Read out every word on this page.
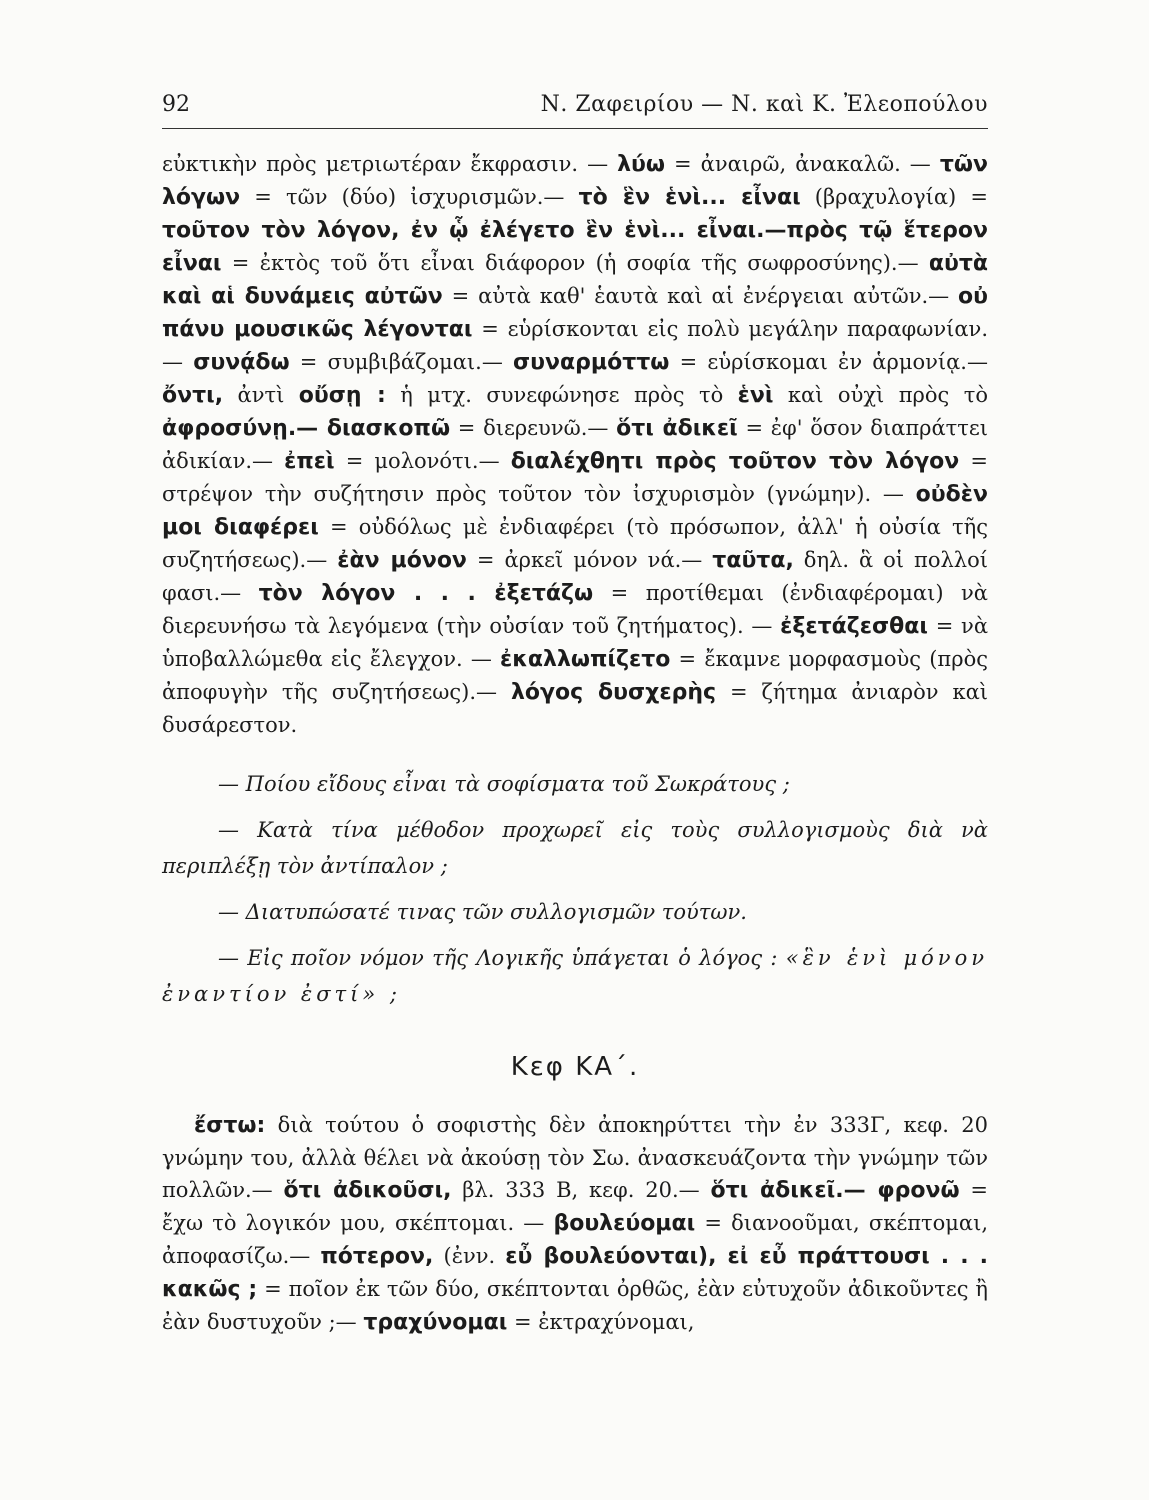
92	Ν. Ζαφειρίου — Ν. καὶ Κ. Ἐλεοπούλου

εὐκτικὴν πρὸς μετριωτέραν ἔκφρασιν. — λύω = ἀναιρῶ, ἀνακαλῶ. — τῶν λόγων = τῶν (δύο) ἰσχυρισμῶν.— τὸ ἓν ἑνὶ... εἶναι (βραχυλογία) = τοῦτον τὸν λόγον, ἐν ᾧ ἐλέγετο ἓν ἑνὶ... εἶναι.—πρὸς τῷ ἕτερον εἶναι = ἐκτὸς τοῦ ὅτι εἶναι διάφορον (ἡ σοφία τῆς σωφροσύνης).— αὐτὰ καὶ αἱ δυνάμεις αὐτῶν = αὐτὰ καθ' ἑαυτὰ καὶ αἱ ἐνέργειαι αὐτῶν.— οὐ πάνυ μουσικῶς λέγονται = εὑρίσκονται εἰς πολὺ μεγάλην παραφωνίαν.— συνᾴδω = συμβιβάζομαι.— συναρμόττω = εὑρίσκομαι ἐν ἁρμονίᾳ.— ὄντι, ἀντὶ οὔσῃ : ἡ μτχ. συνεφώνησε πρὸς τὸ ἑνὶ καὶ οὐχὶ πρὸς τὸ ἀφροσύνῃ.— διασκοπῶ = διερευνῶ.— ὅτι ἀδικεῖ = ἐφ' ὅσον διαπράττει ἀδικίαν.— ἐπεὶ = μολονότι.— διαλέχθητι πρὸς τοῦτον τὸν λόγον = στρέψον τὴν συζήτησιν πρὸς τοῦτον τὸν ἰσχυρισμὸν (γνώμην). — οὐδὲν μοι διαφέρει = οὐδόλως μὲ ἐνδιαφέρει (τὸ πρόσωπον, ἀλλ' ἡ οὐσία τῆς συζητήσεως).— ἐὰν μόνον = ἀρκεῖ μόνον νά.— ταῦτα, δηλ. ἃ οἱ πολλοί φασι.— τὸν λόγον . . . ἐξετάζω = προτίθεμαι (ἐνδιαφέρομαι) νὰ διερευνήσω τὰ λεγόμενα (τὴν οὐσίαν τοῦ ζητήματος). — ἐξετάζεσθαι = νὰ ὑποβαλλώμεθα εἰς ἔλεγχον. — ἐκαλλωπίζετο = ἔκαμνε μορφασμοὺς (πρὸς ἀποφυγὴν τῆς συζητήσεως).— λόγος δυσχερὴς = ζήτημα ἀνιαρὸν καὶ δυσάρεστον.

— Ποίου εἴδους εἶναι τὰ σοφίσματα τοῦ Σωκράτους ;

— Κατὰ τίνα μέθοδον προχωρεῖ εἰς τοὺς συλλογισμοὺς διὰ νὰ περιπλέξῃ τὸν ἀντίπαλον ;

— Διατυπώσατέ τινας τῶν συλλογισμῶν τούτων.

— Εἰς ποῖον νόμον τῆς Λογικῆς ὑπάγεται ὁ λόγος : «ἓν ἑνὶ μόνον ἐναντίον ἐστί» ;

Κεφ ΚΑ΄.

ἔστω: διὰ τούτου ὁ σοφιστὴς δὲν ἀποκηρύττει τὴν ἐν 333Γ, κεφ. 20 γνώμην του, ἀλλὰ θέλει νὰ ἀκούσῃ τὸν Σω. ἀνασκευάζοντα τὴν γνώμην τῶν πολλῶν.— ὅτι ἀδικοῦσι, βλ. 333 Β, κεφ. 20.— ὅτι ἀδικεῖ.— φρονῶ = ἔχω τὸ λογικόν μου, σκέπτομαι. — βουλεύομαι = διανοοῦμαι, σκέπτομαι, ἀποφασίζω.— πότερον, (ἐνν. εὖ βουλεύονται), εἰ εὖ πράττουσι . . . κακῶς ; = ποῖον ἐκ τῶν δύο, σκέπτονται ὀρθῶς, ἐὰν εὐτυχοῦν ἀδικοῦντες ἢ ἐὰν δυστυχοῦν ;— τραχύνομαι = ἐκτραχύνομαι,
